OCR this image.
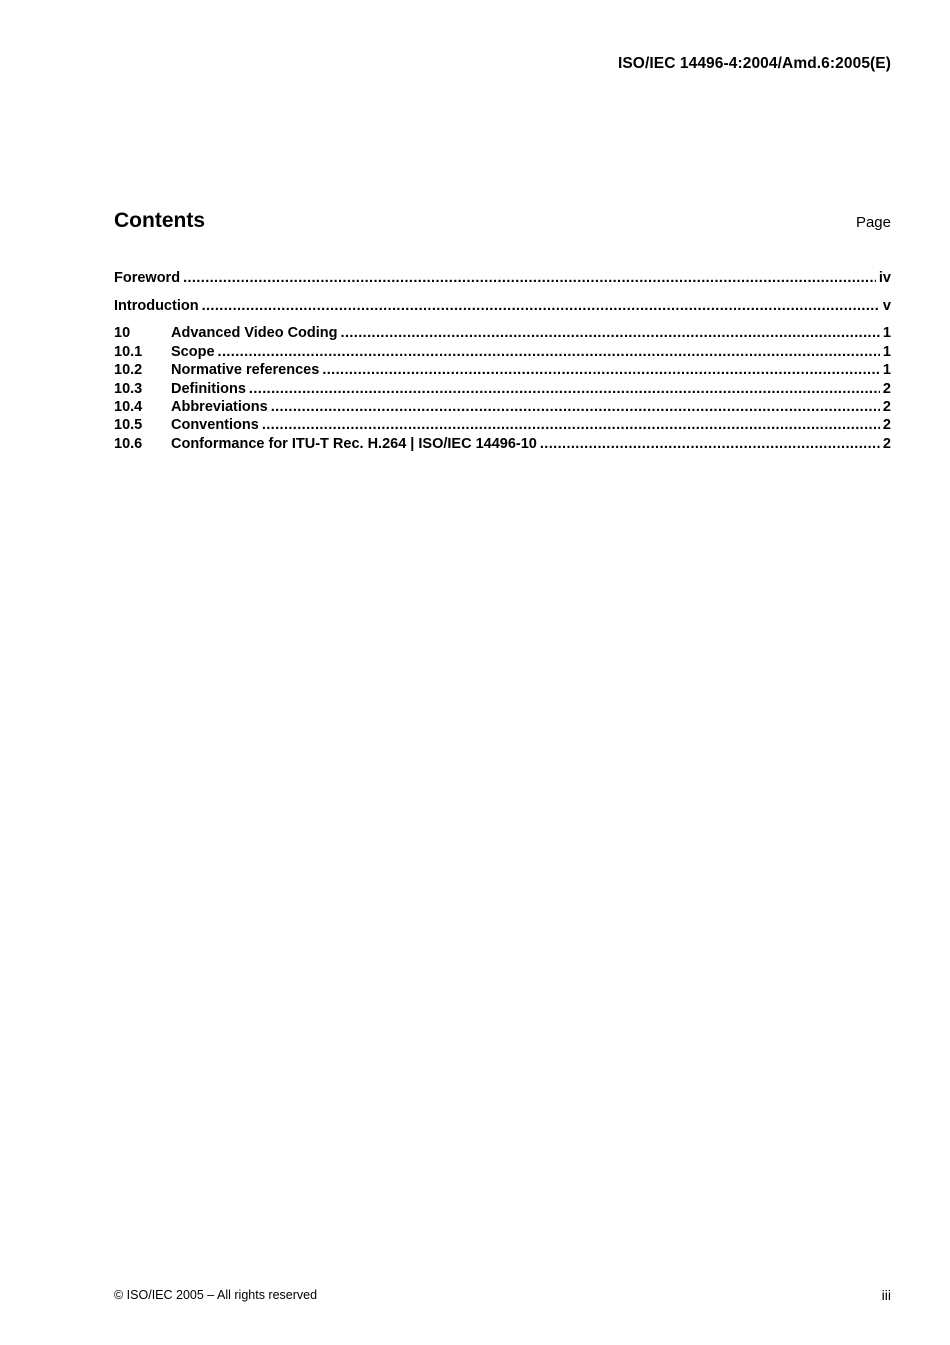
ISO/IEC 14496-4:2004/Amd.6:2005(E)
Contents	Page
Foreword .....	iv
Introduction .....	v
10	Advanced Video Coding .....	1
10.1	Scope .....	1
10.2	Normative references .....	1
10.3	Definitions .....	2
10.4	Abbreviations .....	2
10.5	Conventions .....	2
10.6	Conformance for ITU-T Rec. H.264 | ISO/IEC 14496-10 .....	2
© ISO/IEC 2005 – All rights reserved	iii
